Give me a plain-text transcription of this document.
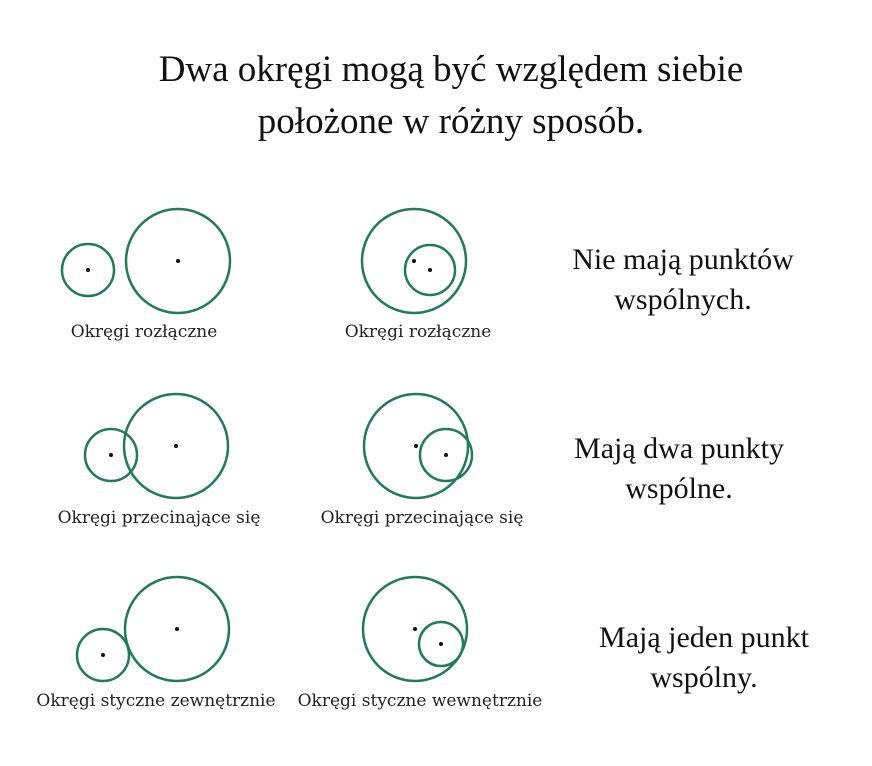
Dwa okręgi mogą być względem siebie
położone w różny sposób.
Okręgi rozłączne	Okręgi rozłączne
Okręgi przecinające się	Okręgi przecinające się
Okręgi styczne zewnętrznie	Okręgi styczne wewnętrznie
Nie mają punktów
wspólnych.
Mają dwa punkty
wspólne.
Mają jeden punkt
wspólny.
